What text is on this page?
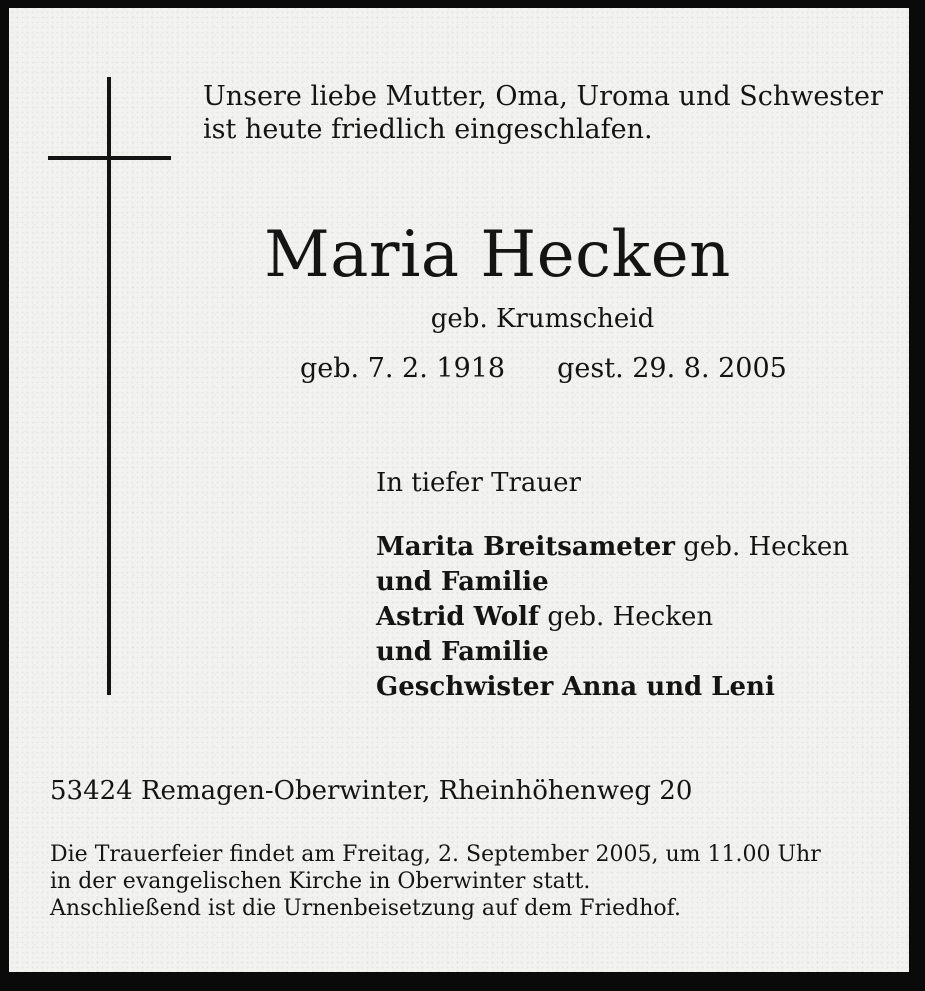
Unsere liebe Mutter, Oma, Uroma und Schwester
ist heute friedlich eingeschlafen.
Maria Hecken
geb. Krumscheid
geb. 7. 2. 1918 gest. 29. 8. 2005
In tiefer Trauer
Marita Breitsameter geb. Hecken
und Familie
Astrid Wolf geb. Hecken
und Familie
Geschwister Anna und Leni
53424 Remagen-Oberwinter, Rheinhöhenweg 20
Die Trauerfeier findet am Freitag, 2. September 2005, um 11.00 Uhr
in der evangelischen Kirche in Oberwinter statt.
Anschließend ist die Urnenbeisetzung auf dem Friedhof.
